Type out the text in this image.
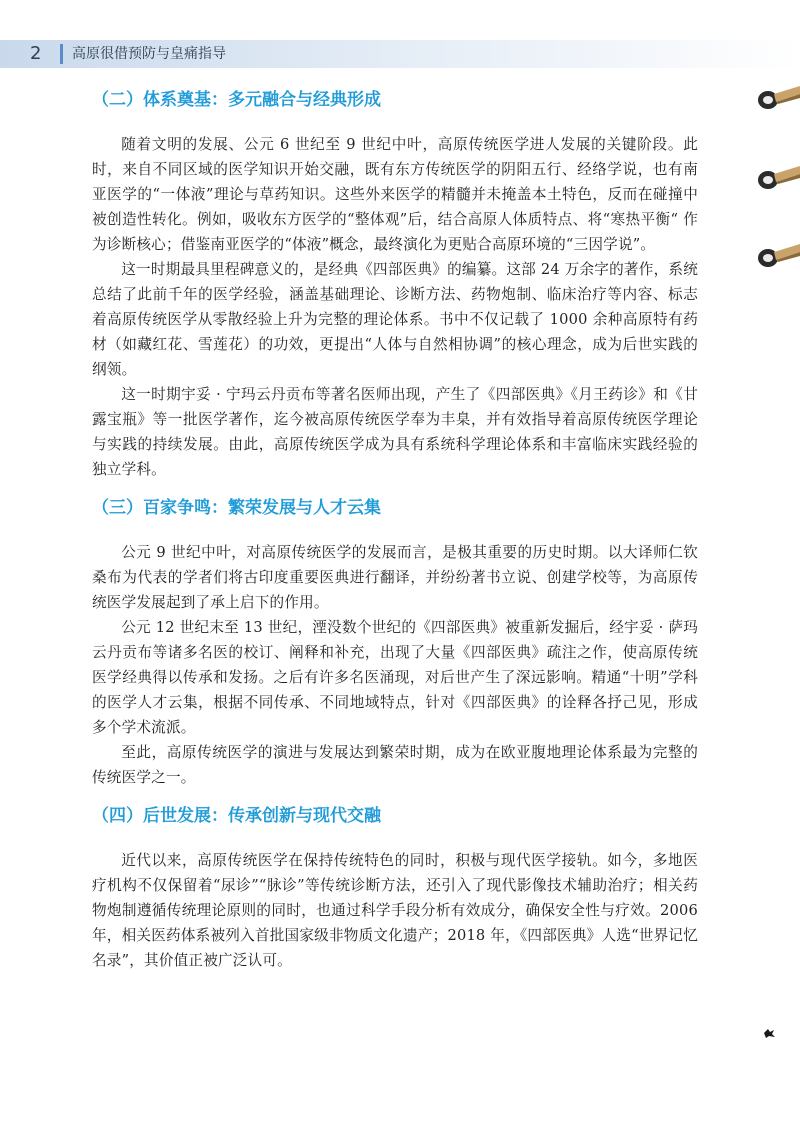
2	高原很借预防与皇痛指导
（二）体系奠基：多元融合与经典形成

随着文明的发展、公元 6 世纪至 9 世纪中叶，高原传统医学进人发展的关键阶段。此时，来自不同区域的医学知识开始交融，既有东方传统医学的阴阳五行、经络学说，也有南亚医学的“一体液”理论与草药知识。这些外来医学的精髓并未掩盖本土特色，反而在碰撞中被创造性转化。例如，吸收东方医学的“整体观”后，结合高原人体质特点、将“寒热平衡“ 作为诊断核心；借鉴南亚医学的“体液”概念，最终演化为更贴合高原环境的“三因学说”。

这一时期最具里程碑意义的，是经典《四部医典》的编纂。这部 24 万余字的著作，系统总结了此前千年的医学经验，涵盖基础理论、诊断方法、药物炮制、临床治疗等内容、标志着高原传统医学从零散经验上升为完整的理论体系。书中不仅记载了 1000 余种高原特有药材（如藏红花、雪莲花）的功效，更提出“人体与自然相协调”的核心理念，成为后世实践的纲领。

这一时期宇妥 · 宁玛云丹贡布等著名医师出现，产生了《四部医典》《月王药诊》和《甘露宝瓶》等一批医学著作，迄今被高原传统医学奉为丰臬，并有效指导着高原传统医学理论与实践的持续发展。由此，高原传统医学成为具有系统科学理论体系和丰富临床实践经验的独立学科。

（三）百家争鸣：繁荣发展与人才云集

公元 9 世纪中叶，对高原传统医学的发展而言，是极其重要的历史时期。以大译师仁钦桑布为代表的学者们将古印度重要医典进行翻译，并纷纷著书立说、创建学校等，为高原传统医学发展起到了承上启下的作用。

公元 12 世纪末至 13 世纪，湮没数个世纪的《四部医典》被重新发掘后，经宇妥 · 萨玛云丹贡布等诸多名医的校订、阐释和补充，出现了大量《四部医典》疏注之作，使高原传统医学经典得以传承和发扬。之后有许多名医涌现，对后世产生了深远影响。精通“十明”学科的医学人才云集，根据不同传承、不同地域特点，针对《四部医典》的诠释各抒己见，形成多个学术流派。

至此，高原传统医学的演进与发展达到繁荣时期，成为在欧亚腹地理论体系最为完整的传统医学之一。

（四）后世发展：传承创新与现代交融

近代以来，高原传统医学在保持传统特色的同时，积极与现代医学接轨。如今，多地医疗机构不仅保留着“尿诊”“脉诊”等传统诊断方法，还引入了现代影像技术辅助治疗；相关药物炮制遵循传统理论原则的同时，也通过科学手段分析有效成分，确保安全性与疗效。2006 年，相关医药体系被列入首批国家级非物质文化遗产；2018 年，《四部医典》人选“世界记忆名录”，其价值正被广泛认可。
